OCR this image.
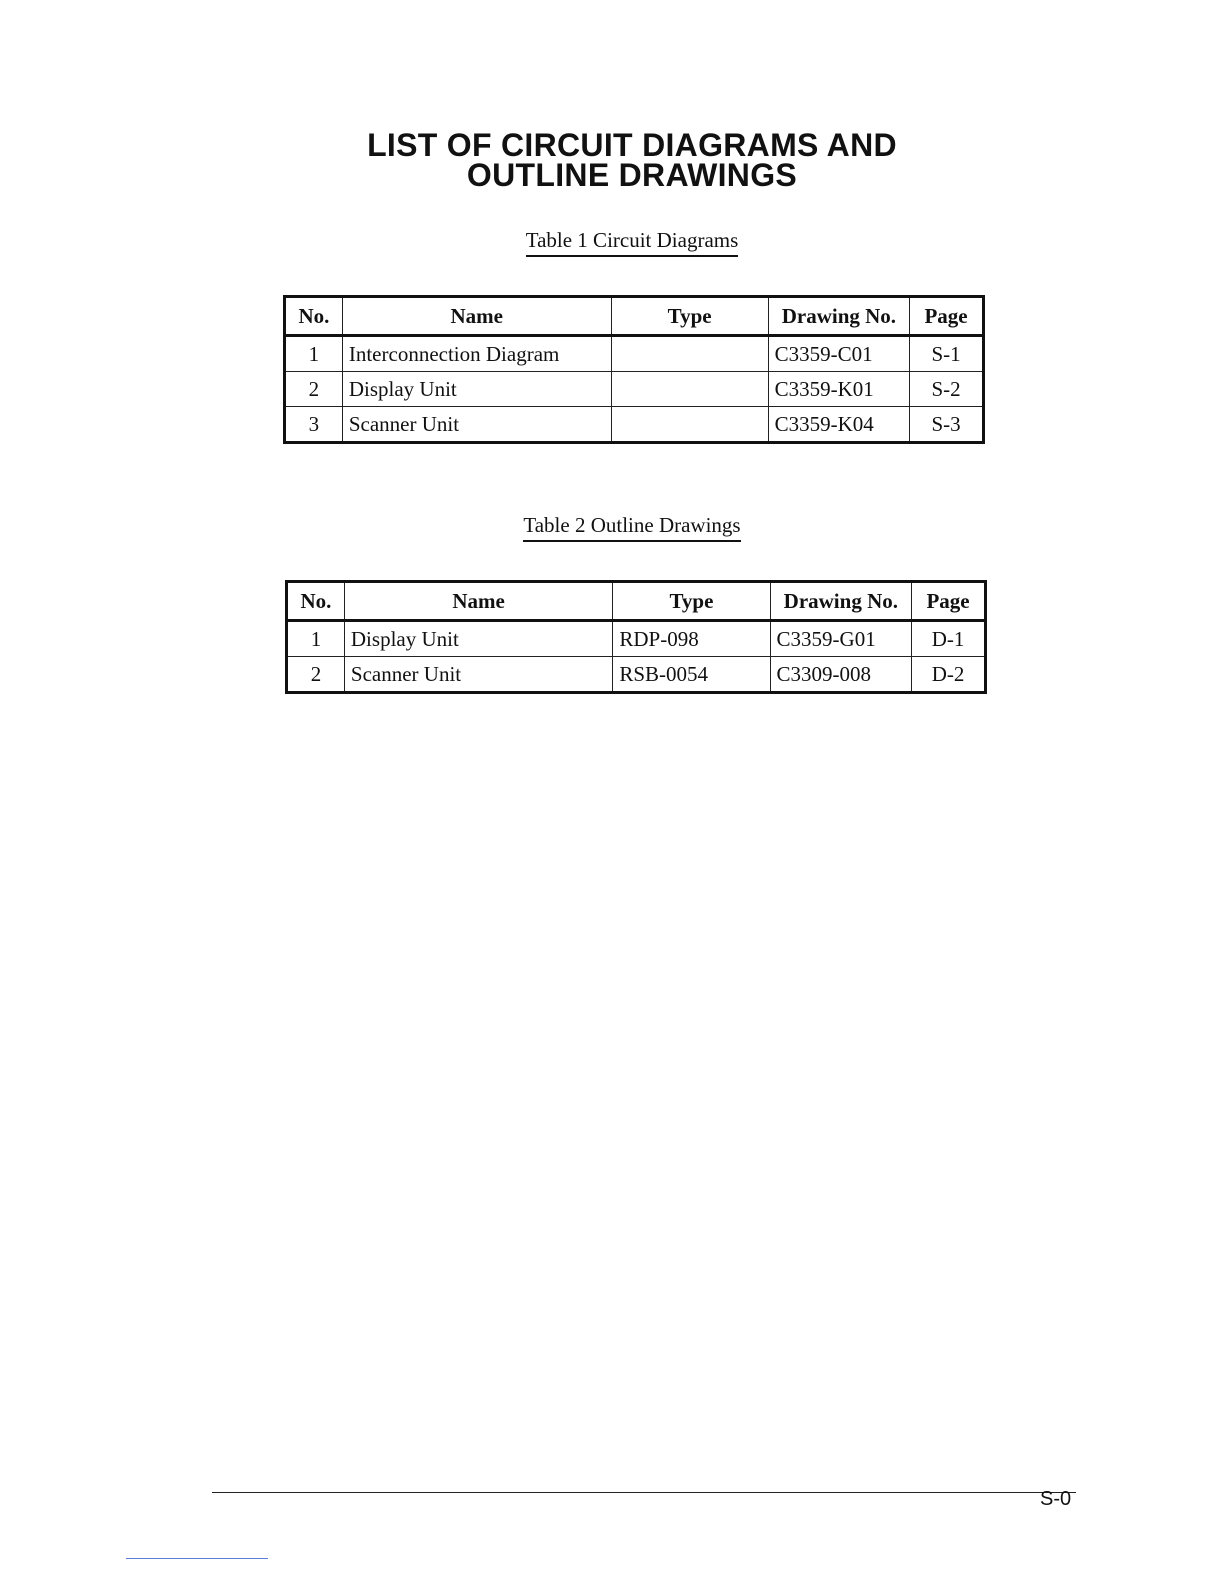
LIST OF CIRCUIT DIAGRAMS AND
OUTLINE DRAWINGS
Table 1 Circuit Diagrams
No.	Name	Type	Drawing No.	Page
1	Interconnection Diagram		C3359-C01	S-1
2	Display Unit		C3359-K01	S-2
3	Scanner Unit		C3359-K04	S-3
Table 2 Outline Drawings
No.	Name	Type	Drawing No.	Page
1	Display Unit	RDP-098	C3359-G01	D-1
2	Scanner Unit	RSB-0054	C3309-008	D-2
S-0
